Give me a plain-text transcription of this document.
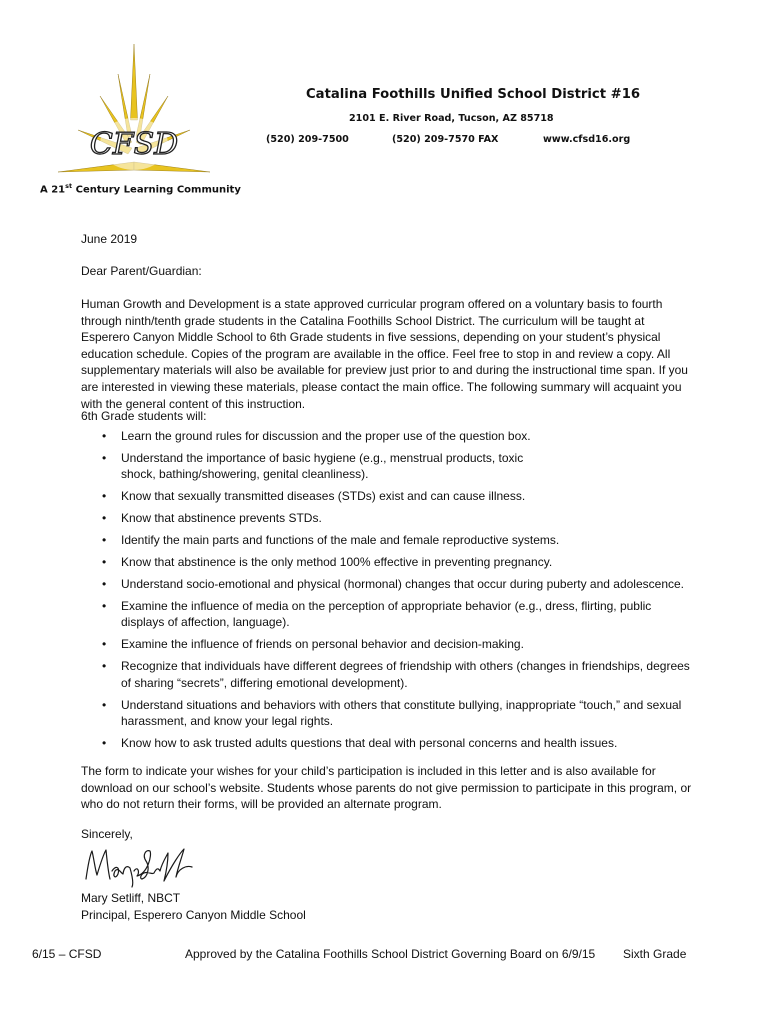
CFSD
A 21st Century Learning Community
Catalina Foothills Unified School District #16
2101 E. River Road, Tucson, AZ 85718
(520) 209-7500	(520) 209-7570 FAX	www.cfsd16.org
June 2019
Dear Parent/Guardian:
Human Growth and Development is a state approved curricular program offered on a voluntary basis to fourth through ninth/tenth grade students in the Catalina Foothills School District. The curriculum will be taught at Esperero Canyon Middle School to 6th Grade students in five sessions, depending on your student’s physical education schedule. Copies of the program are available in the office. Feel free to stop in and review a copy. All supplementary materials will also be available for preview just prior to and during the instructional time span. If you are interested in viewing these materials, please contact the main office. The following summary will acquaint you with the general content of this instruction.
6th Grade students will:
• Learn the ground rules for discussion and the proper use of the question box.
• Understand the importance of basic hygiene (e.g., menstrual products, toxic shock, bathing/showering, genital cleanliness).
• Know that sexually transmitted diseases (STDs) exist and can cause illness.
• Know that abstinence prevents STDs.
• Identify the main parts and functions of the male and female reproductive systems.
• Know that abstinence is the only method 100% effective in preventing pregnancy.
• Understand socio-emotional and physical (hormonal) changes that occur during puberty and adolescence.
• Examine the influence of media on the perception of appropriate behavior (e.g., dress, flirting, public displays of affection, language).
• Examine the influence of friends on personal behavior and decision-making.
• Recognize that individuals have different degrees of friendship with others (changes in friendships, degrees of sharing “secrets”, differing emotional development).
• Understand situations and behaviors with others that constitute bullying, inappropriate “touch,” and sexual harassment, and know your legal rights.
• Know how to ask trusted adults questions that deal with personal concerns and health issues.
The form to indicate your wishes for your child’s participation is included in this letter and is also available for download on our school’s website. Students whose parents do not give permission to participate in this program, or who do not return their forms, will be provided an alternate program.
Sincerely,
Mary Setliff, NBCT
Principal, Esperero Canyon Middle School
6/15 – CFSD	Approved by the Catalina Foothills School District Governing Board on 6/9/15 Sixth Grade
